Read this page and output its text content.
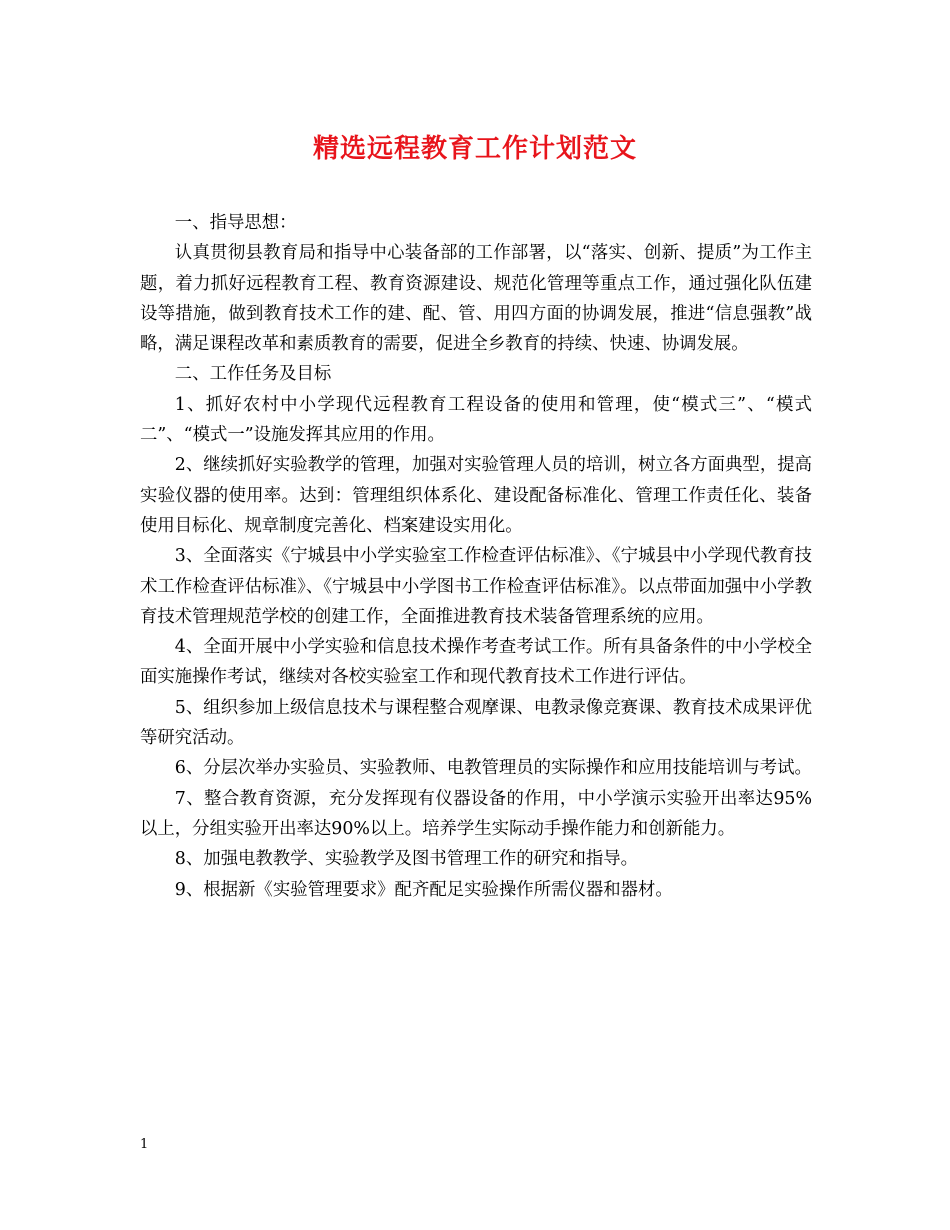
精选远程教育工作计划范文

一、指导思想：

认真贯彻县教育局和指导中心装备部的工作部署，以“落实、创新、提质”为工作主题，着力抓好远程教育工程、教育资源建设、规范化管理等重点工作，通过强化队伍建设等措施，做到教育技术工作的建、配、管、用四方面的协调发展，推进“信息强教”战略，满足课程改革和素质教育的需要，促进全乡教育的持续、快速、协调发展。

二、工作任务及目标

1、抓好农村中小学现代远程教育工程设备的使用和管理，使“模式三”、“模式二”、“模式一”设施发挥其应用的作用。

2、继续抓好实验教学的管理，加强对实验管理人员的培训，树立各方面典型，提高实验仪器的使用率。达到：管理组织体系化、建设配备标准化、管理工作责任化、装备使用目标化、规章制度完善化、档案建设实用化。

3、全面落实《宁城县中小学实验室工作检查评估标准》、《宁城县中小学现代教育技术工作检查评估标准》、《宁城县中小学图书工作检查评估标准》。以点带面加强中小学教育技术管理规范学校的创建工作，全面推进教育技术装备管理系统的应用。

4、全面开展中小学实验和信息技术操作考查考试工作。所有具备条件的中小学校全面实施操作考试，继续对各校实验室工作和现代教育技术工作进行评估。

5、组织参加上级信息技术与课程整合观摩课、电教录像竞赛课、教育技术成果评优等研究活动。

6、分层次举办实验员、实验教师、电教管理员的实际操作和应用技能培训与考试。

7、整合教育资源，充分发挥现有仪器设备的作用，中小学演示实验开出率达95%以上，分组实验开出率达90%以上。培养学生实际动手操作能力和创新能力。

8、加强电教教学、实验教学及图书管理工作的研究和指导。

9、根据新《实验管理要求》配齐配足实验操作所需仪器和器材。

1
